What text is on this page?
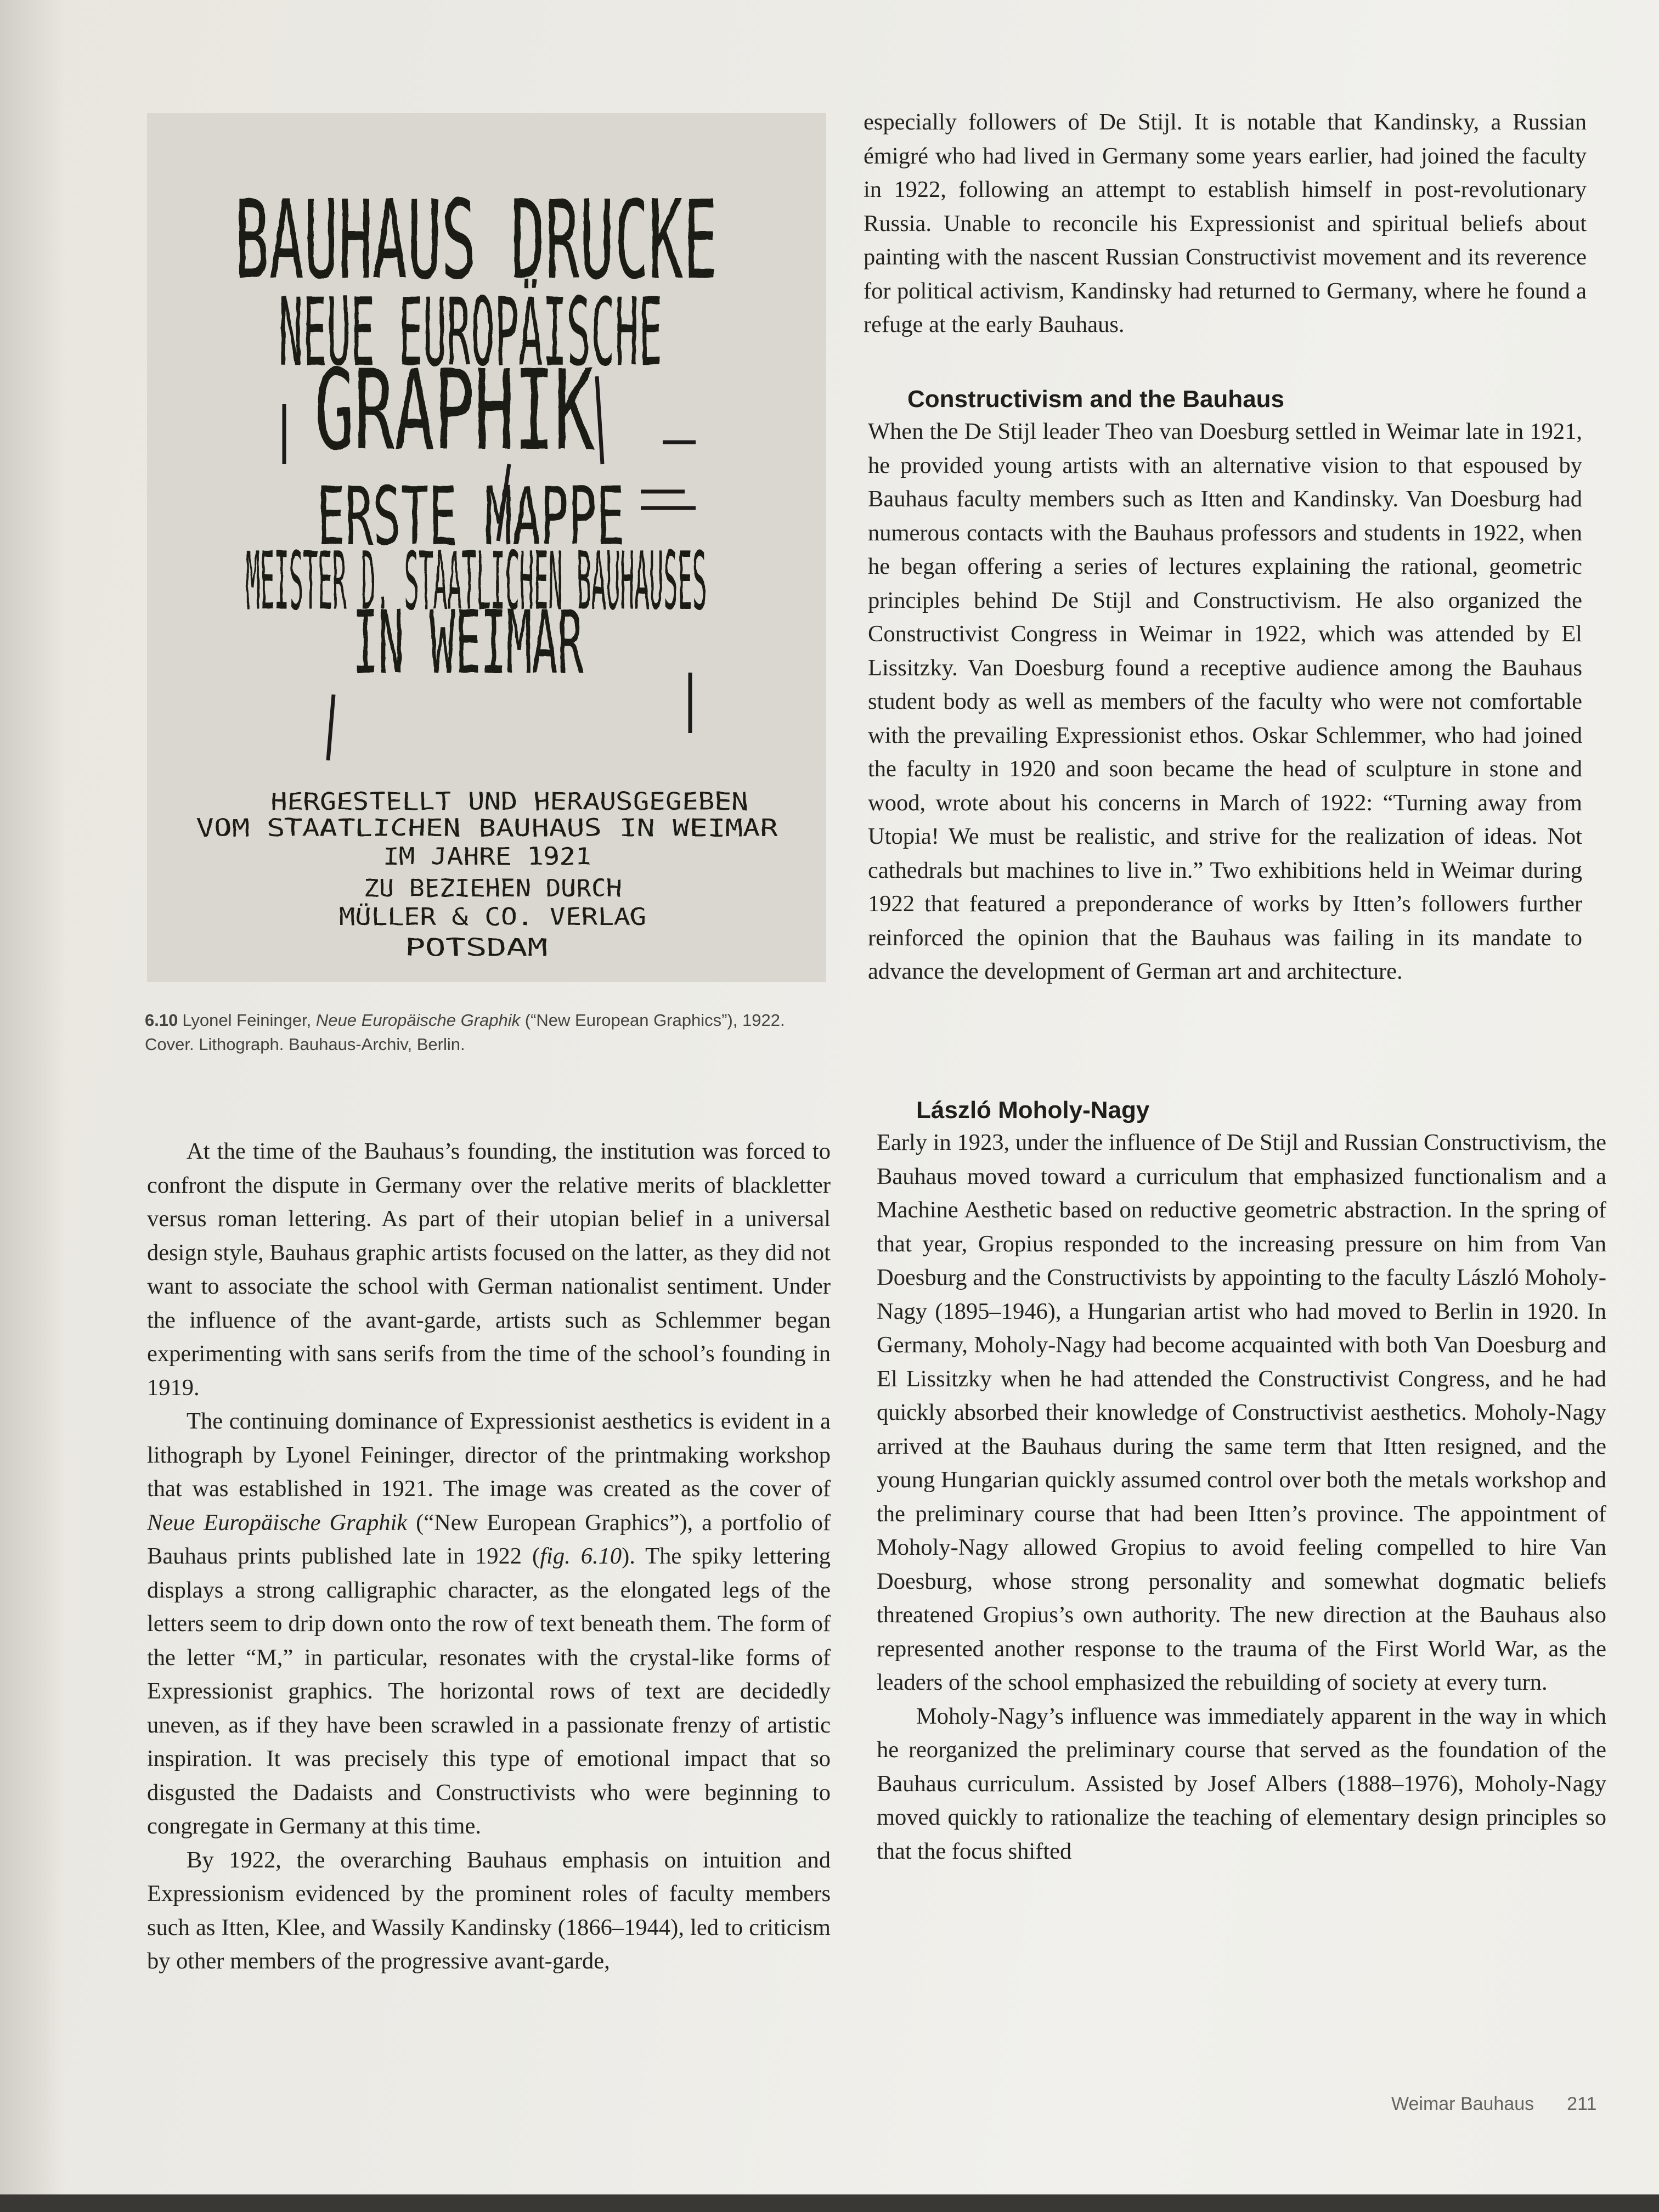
BAUHAUS DRUCKE
NEUE EUROPÄISCHE
GRAPHIK
ERSTE MAPPE
MEISTER D. STAATLICHEN BAUHAUSES
IN WEIMAR
HERGESTELLT UND HERAUSGEGEBEN
VOM STAATLICHEN BAUHAUS IN WEIMAR
IM JAHRE 1921
ZU BEZIEHEN DURCH
MÜLLER & CO. VERLAG
POTSDAM
6.10 Lyonel Feininger, Neue Europäische Graphik (“New European Graphics”), 1922. Cover. Lithograph. Bauhaus-Archiv, Berlin.

At the time of the Bauhaus’s founding, the institution was forced to confront the dispute in Germany over the relative merits of blackletter versus roman lettering. As part of their utopian belief in a universal design style, Bauhaus graphic artists focused on the latter, as they did not want to associate the school with German nationalist sentiment. Under the influence of the avant-garde, artists such as Schlemmer began experimenting with sans serifs from the time of the school’s founding in 1919.

The continuing dominance of Expressionist aesthetics is evident in a lithograph by Lyonel Feininger, director of the printmaking workshop that was established in 1921. The image was created as the cover of Neue Europäische Graphik (“New European Graphics”), a portfolio of Bauhaus prints published late in 1922 (fig. 6.10). The spiky lettering displays a strong calligraphic character, as the elongated legs of the letters seem to drip down onto the row of text beneath them. The form of the letter “M,” in particular, resonates with the crystal-like forms of Expressionist graphics. The horizontal rows of text are decidedly uneven, as if they have been scrawled in a passionate frenzy of artistic inspiration. It was precisely this type of emotional impact that so disgusted the Dadaists and Constructivists who were beginning to congregate in Germany at this time.

By 1922, the overarching Bauhaus emphasis on intuition and Expressionism evidenced by the prominent roles of faculty members such as Itten, Klee, and Wassily Kandinsky (1866–1944), led to criticism by other members of the progressive avant-garde,

especially followers of De Stijl. It is notable that Kandinsky, a Russian émigré who had lived in Germany some years earlier, had joined the faculty in 1922, following an attempt to establish himself in post-revolutionary Russia. Unable to reconcile his Expressionist and spiritual beliefs about painting with the nascent Russian Constructivist movement and its reverence for political activism, Kandinsky had returned to Germany, where he found a refuge at the early Bauhaus.

Constructivism and the Bauhaus

When the De Stijl leader Theo van Doesburg settled in Weimar late in 1921, he provided young artists with an alternative vision to that espoused by Bauhaus faculty members such as Itten and Kandinsky. Van Doesburg had numerous contacts with the Bauhaus professors and students in 1922, when he began offering a series of lectures explaining the rational, geometric principles behind De Stijl and Constructivism. He also organized the Constructivist Congress in Weimar in 1922, which was attended by El Lissitzky. Van Doesburg found a receptive audience among the Bauhaus student body as well as members of the faculty who were not comfortable with the prevailing Expressionist ethos. Oskar Schlemmer, who had joined the faculty in 1920 and soon became the head of sculpture in stone and wood, wrote about his concerns in March of 1922: “Turning away from Utopia! We must be realistic, and strive for the realization of ideas. Not cathedrals but machines to live in.” Two exhibitions held in Weimar during 1922 that featured a preponderance of works by Itten’s followers further reinforced the opinion that the Bauhaus was failing in its mandate to advance the development of German art and architecture.

László Moholy-Nagy

Early in 1923, under the influence of De Stijl and Russian Constructivism, the Bauhaus moved toward a curriculum that emphasized functionalism and a Machine Aesthetic based on reductive geometric abstraction. In the spring of that year, Gropius responded to the increasing pressure on him from Van Doesburg and the Constructivists by appointing to the faculty László Moholy-Nagy (1895–1946), a Hungarian artist who had moved to Berlin in 1920. In Germany, Moholy-Nagy had become acquainted with both Van Doesburg and El Lissitzky when he had attended the Constructivist Congress, and he had quickly absorbed their knowledge of Constructivist aesthetics. Moholy-Nagy arrived at the Bauhaus during the same term that Itten resigned, and the young Hungarian quickly assumed control over both the metals workshop and the preliminary course that had been Itten’s province. The appointment of Moholy-Nagy allowed Gropius to avoid feeling compelled to hire Van Doesburg, whose strong personality and somewhat dogmatic beliefs threatened Gropius’s own authority. The new direction at the Bauhaus also represented another response to the trauma of the First World War, as the leaders of the school emphasized the rebuilding of society at every turn.

Moholy-Nagy’s influence was immediately apparent in the way in which he reorganized the preliminary course that served as the foundation of the Bauhaus curriculum. Assisted by Josef Albers (1888–1976), Moholy-Nagy moved quickly to rationalize the teaching of elementary design principles so that the focus shifted

Weimar Bauhaus 211
